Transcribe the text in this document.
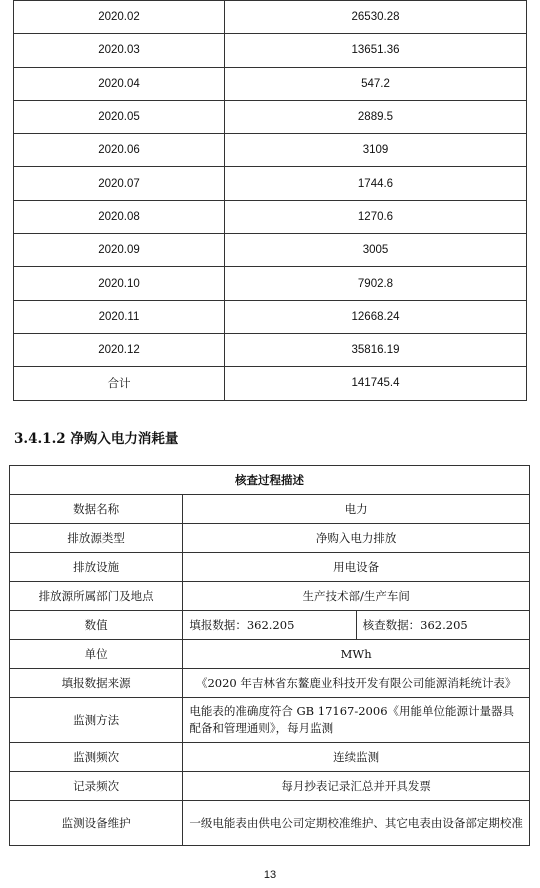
2020.02	26530.28
2020.03	13651.36
2020.04	547.2
2020.05	2889.5
2020.06	3109
2020.07	1744.6
2020.08	1270.6
2020.09	3005
2020.10	7902.8
2020.11	12668.24
2020.12	35816.19
合计	141745.4
3.4.1.2 净购入电力消耗量
核查过程描述		
数据名称	电力	
排放源类型	净购入电力排放	
排放设施	用电设备	
排放源所属部门及地点	生产技术部/生产车间	
数值	填报数据：362.205	核查数据：362.205
单位	MWh	
填报数据来源	《2020 年吉林省东鳌鹿业科技开发有限公司能源消耗统计表》	
监测方法	电能表的准确度符合 GB 17167-2006《用能单位能源计量器具配备和管理通则》，每月监测	
监测频次	连续监测	
记录频次	每月抄表记录汇总并开具发票	
监测设备维护	一级电能表由供电公司定期校准维护、其它电表由设备部定期校准	
13
